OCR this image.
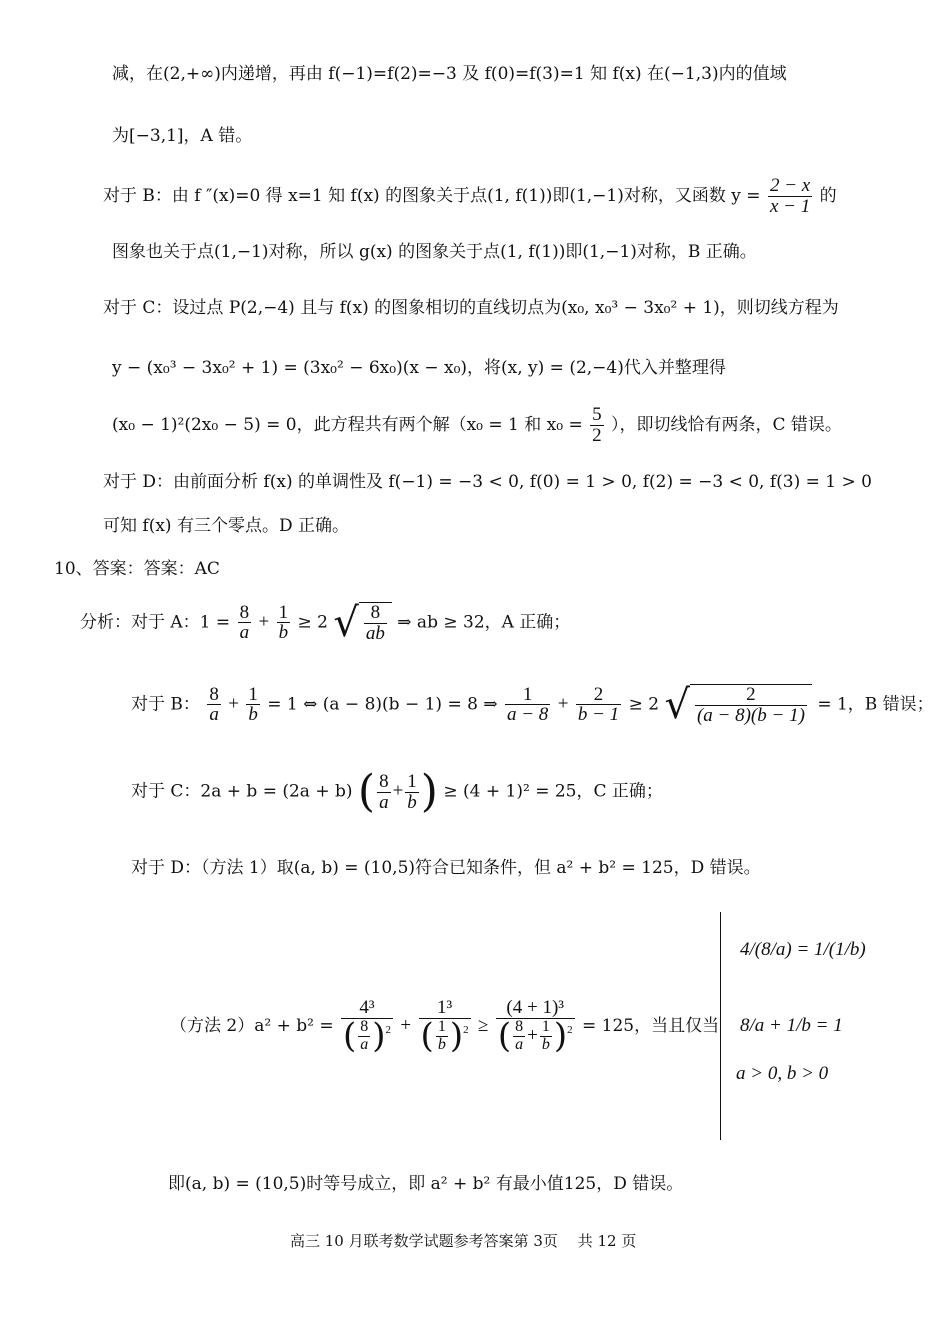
减，在(2,+∞)内递增，再由 f(−1)=f(2)=−3 及 f(0)=f(3)=1 知 f(x) 在(−1,3)内的值域
为[−3,1]，A 错。
对于 B：由 f ″(x)=0 得 x=1 知 f(x) 的图象关于点(1, f(1))即(1,−1)对称，又函数 $y = \frac{2 - x}{x - 1}$ 的
图象也关于点(1,−1)对称，所以 g(x) 的图象关于点(1, f(1))即(1,−1)对称，B 正确。
对于 C：设过点 P(2,−4) 且与 f(x) 的图象相切的直线切点为(x₀, x₀³ − 3x₀² + 1)，则切线方程为
y − (x₀³ − 3x₀² + 1) = (3x₀² − 6x₀)(x − x₀)，将(x, y) = (2,−4)代入并整理得
(x₀ − 1)²(2x₀ − 5) = 0，此方程共有两个解（x₀ = 1 和 $x_0 = \frac{5}{2}$ ），即切线恰有两条，C 错误。
对于 D：由前面分析 f(x) 的单调性及 f(−1) = −3 < 0, f(0) = 1 > 0, f(2) = −3 < 0, f(3) = 1 > 0
可知 f(x) 有三个零点。D 正确。
10、答案：答案：AC
分析：对于 A：$1 = \frac{8}{a} + \frac{1}{b} \ge 2$ √ $\frac{8}{ab}$ ⇒ ab ≥ 32，A 正确；
对于 B： $\frac{8}{a} + \frac{1}{b} = 1$ ⇔ (a − 8)(b − 1) = 8 ⇒ $\frac{1}{a - 8} + \frac{2}{b - 1} \ge 2$ √ $\frac{2}{(a - 8)(b - 1)} = 1$，B 错误；
对于 C：2a + b = (2a + b) ( $\frac{8}{a} + \frac{1}{b}$ ) ≥ (4 + 1)² = 25，C 正确；
对于 D：（方法 1）取(a, b) = (10,5)符合已知条件，但 a² + b² = 125，D 错误。
（方法 $2)a^2 + b^2 = \frac{\text{4³}}{( \frac{8}{a} )^2} + \frac{\text{1³}}{( \frac{1}{b} )^2} \ge \frac{\text{(4 + 1)³}}{( \frac{8}{a} + \frac{1}{b} )^2} = 125$，当且仅当
4/(8/a) = 1/(1/b)
8/a + 1/b = 1
a > 0, b > 0
即(a, b) = (10,5)时等号成立，即 a² + b² 有最小值125，D 错误。
高三 10 月联考数学试题参考答案第 3页　 共 12 页
